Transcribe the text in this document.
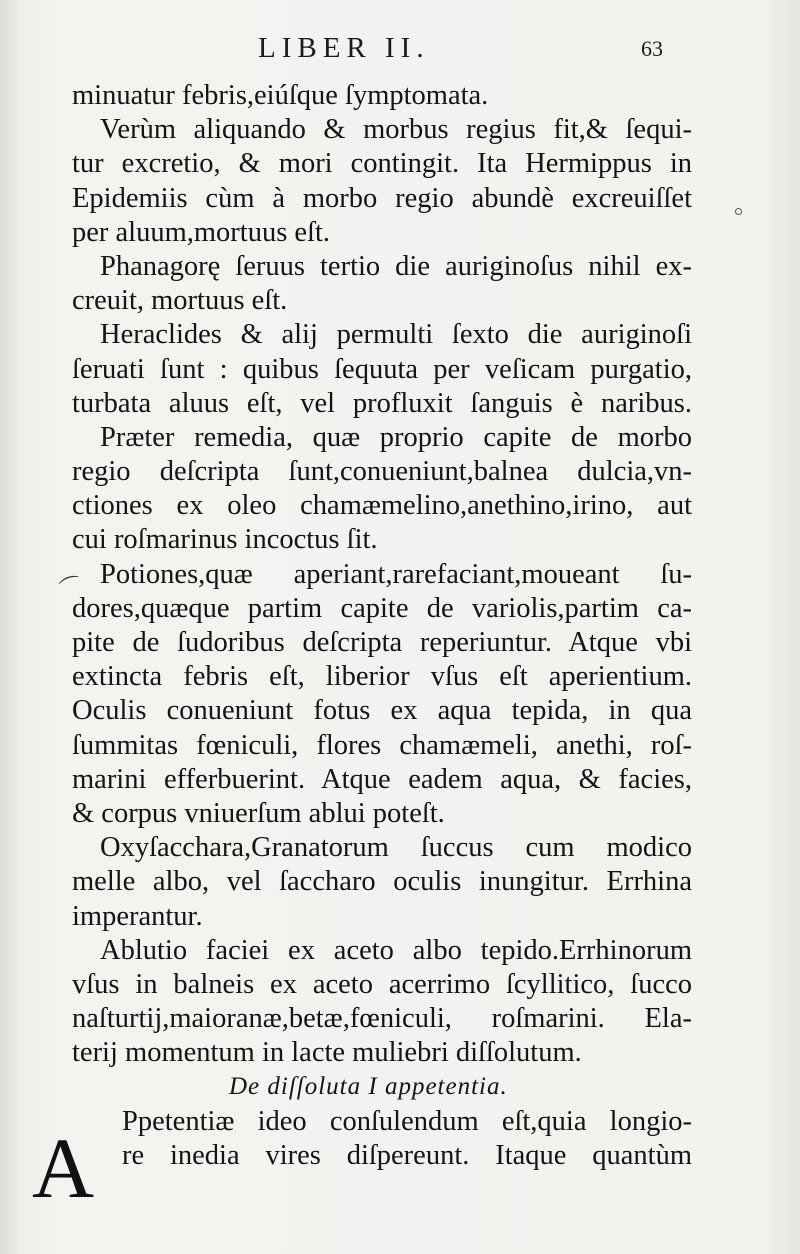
LIBER II.	63
⌒
minuatur febris,eiúſque ſymptomata.
Verùm aliquando & morbus regius fit,& ſequi-
tur excretio, & mori contingit. Ita Hermippus in
Epidemiis cùm à morbo regio abundè excreuiſſet
per aluum,mortuus eſt.
Phanagorę ſeruus tertio die auriginoſus nihil ex-
creuit, mortuus eſt.
Heraclides & alij permulti ſexto die auriginoſi
ſeruati ſunt : quibus ſequuta per veſicam purgatio,
turbata aluus eſt, vel profluxit ſanguis è naribus.
Præter remedia, quæ proprio capite de morbo
regio deſcripta ſunt,conueniunt,balnea dulcia,vn-
ctiones ex oleo chamæmelino,anethino,irino, aut
cui roſmarinus incoctus ſit.
Potiones,quæ aperiant,rarefaciant,moueant ſu-
dores,quæque partim capite de variolis,partim ca-
pite de ſudoribus deſcripta reperiuntur. Atque vbi
extincta febris eſt, liberior vſus eſt aperientium.
Oculis conueniunt fotus ex aqua tepida, in qua
ſummitas fœniculi, flores chamæmeli, anethi, roſ-
marini efferbuerint. Atque eadem aqua, & facies,
& corpus vniuerſum ablui poteſt.
Oxyſacchara,Granatorum ſuccus cum modico
melle albo, vel ſaccharo oculis inungitur. Errhina
imperantur.
Ablutio faciei ex aceto albo tepido.Errhinorum
vſus in balneis ex aceto acerrimo ſcyllitico, ſucco
naſturtij,maioranæ,betæ,fœniculi, roſmarini. Ela-
terij momentum in lacte muliebri diſſolutum.
De diſſoluta I appetentia.
Ppetentiæ ideo conſulendum eſt,quia longio-
re inedia vires diſpereunt. Itaque quantùm
A
